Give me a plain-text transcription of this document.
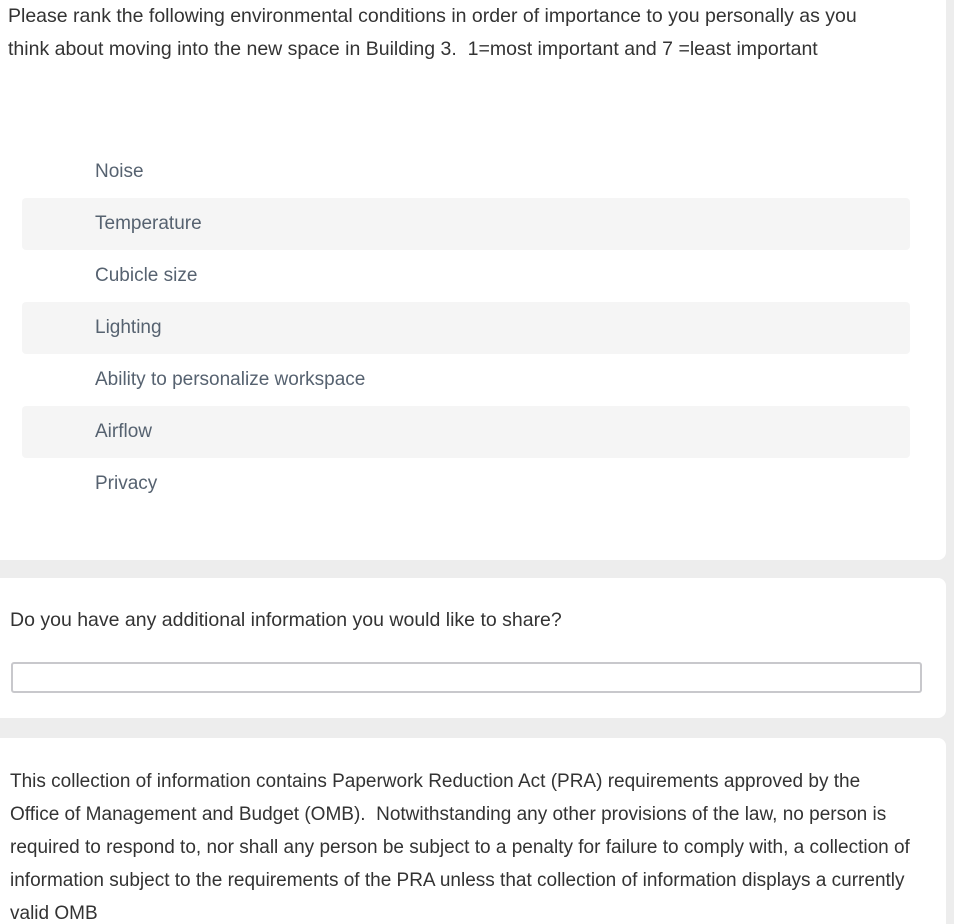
Please rank the following environmental conditions in order of importance to you personally as you think about moving into the new space in Building 3.  1=most important and 7 =least important
Noise
Temperature
Cubicle size
Lighting
Ability to personalize workspace
Airflow
Privacy
Do you have any additional information you would like to share?
This collection of information contains Paperwork Reduction Act (PRA) requirements approved by the Office of Management and Budget (OMB).  Notwithstanding any other provisions of the law, no person is required to respond to, nor shall any person be subject to a penalty for failure to comply with, a collection of information subject to the requirements of the PRA unless that collection of information displays a currently valid OMB
